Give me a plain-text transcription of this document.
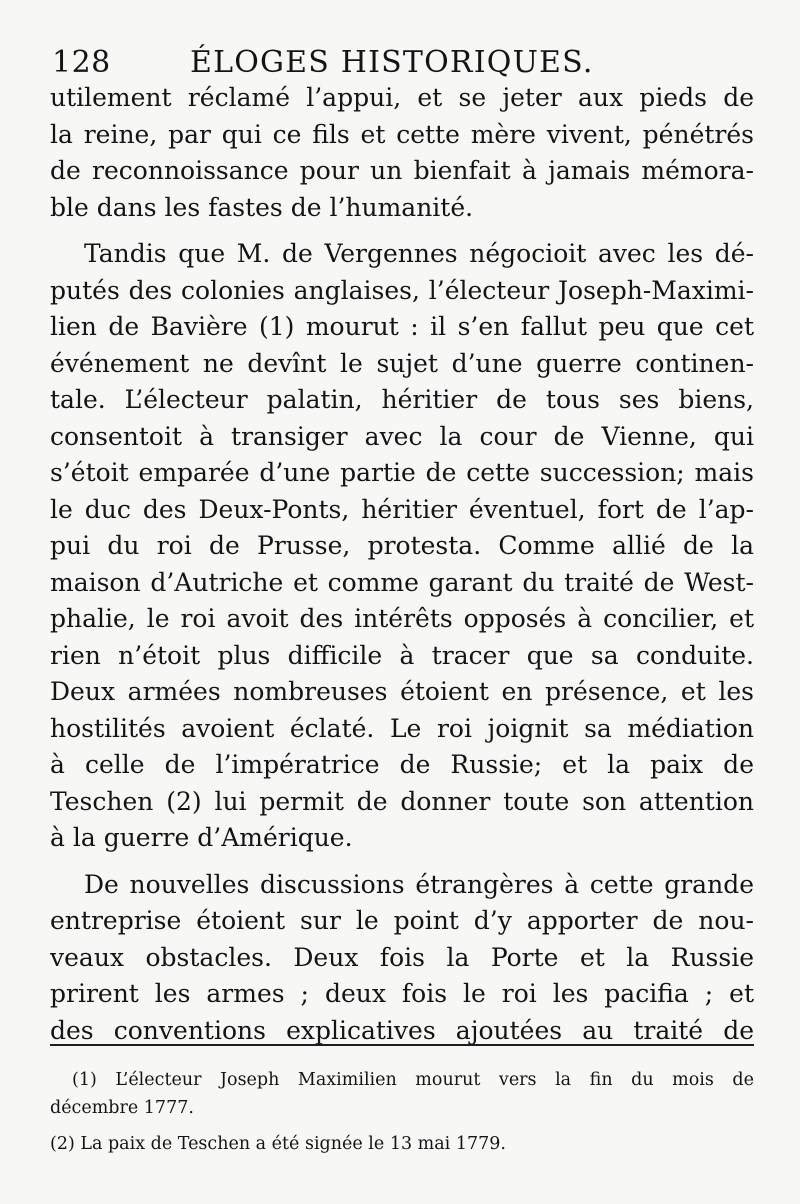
128	ÉLOGES HISTORIQUES.
utilement réclamé l’appui, et se jeter aux pieds de
la reine, par qui ce fils et cette mère vivent, pénétrés
de reconnoissance pour un bienfait à jamais mémora-
ble dans les fastes de l’humanité.
Tandis que M. de Vergennes négocioit avec les dé-
putés des colonies anglaises, l’électeur Joseph-Maximi-
lien de Bavière (1) mourut : il s’en fallut peu que cet
événement ne devînt le sujet d’une guerre continen-
tale. L’électeur palatin, héritier de tous ses biens,
consentoit à transiger avec la cour de Vienne, qui
s’étoit emparée d’une partie de cette succession; mais
le duc des Deux-Ponts, héritier éventuel, fort de l’ap-
pui du roi de Prusse, protesta. Comme allié de la
maison d’Autriche et comme garant du traité de West-
phalie, le roi avoit des intérêts opposés à concilier, et
rien n’étoit plus difficile à tracer que sa conduite.
Deux armées nombreuses étoient en présence, et les
hostilités avoient éclaté. Le roi joignit sa médiation
à celle de l’impératrice de Russie; et la paix de
Teschen (2) lui permit de donner toute son attention
à la guerre d’Amérique.
De nouvelles discussions étrangères à cette grande
entreprise étoient sur le point d’y apporter de nou-
veaux obstacles. Deux fois la Porte et la Russie
prirent les armes ; deux fois le roi les pacifia ; et
des conventions explicatives ajoutées au traité de
(1) L’électeur Joseph Maximilien mourut vers la fin du mois de
décembre 1777.
(2) La paix de Teschen a été signée le 13 mai 1779.
